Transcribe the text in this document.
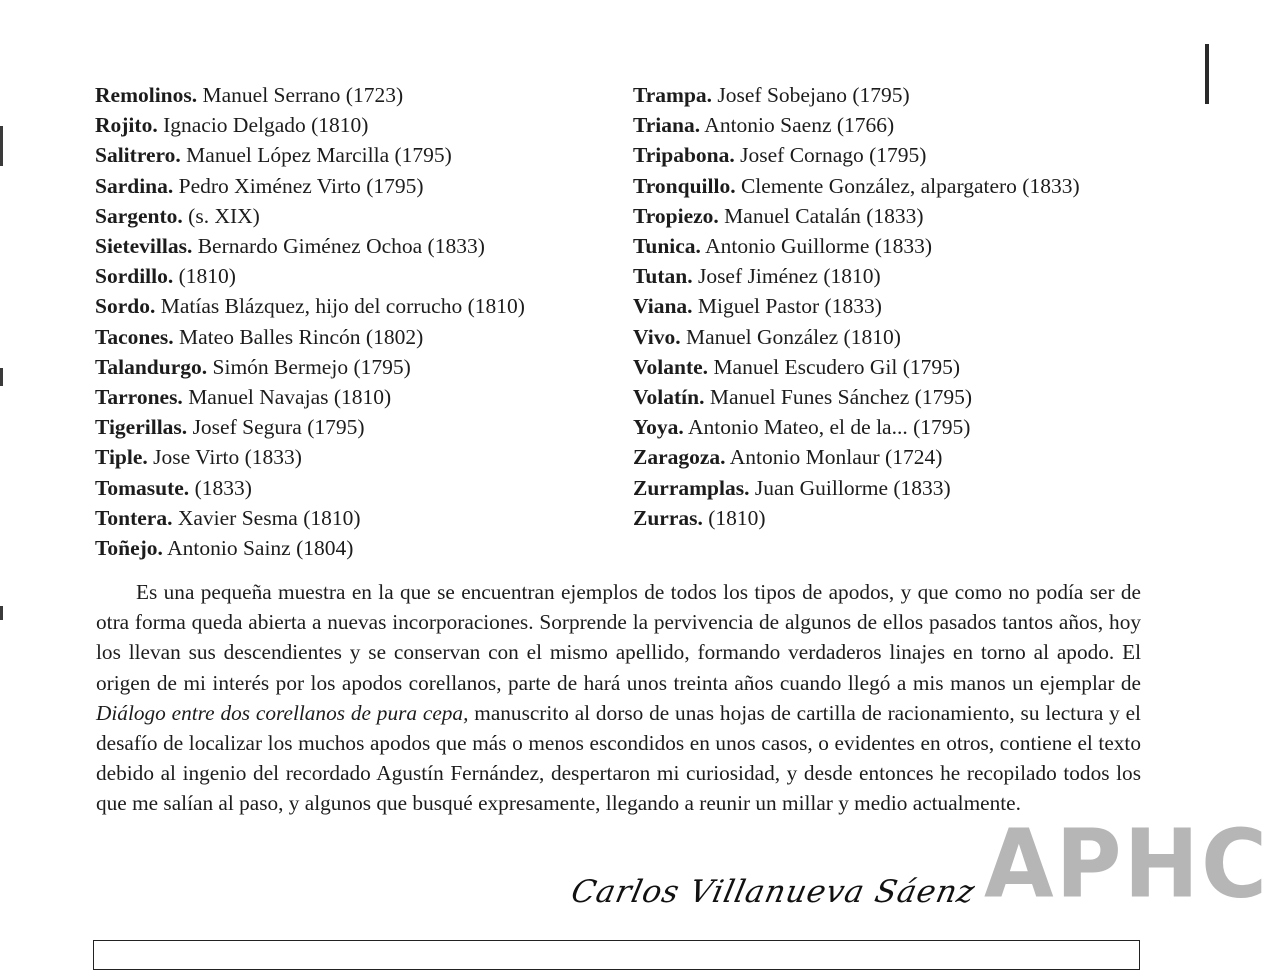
Remolinos. Manuel Serrano (1723)
Rojito. Ignacio Delgado (1810)
Salitrero. Manuel López Marcilla (1795)
Sardina. Pedro Ximénez Virto (1795)
Sargento. (s. XIX)
Sietevillas. Bernardo Giménez Ochoa (1833)
Sordillo. (1810)
Sordo. Matías Blázquez, hijo del corrucho (1810)
Tacones. Mateo Balles Rincón (1802)
Talandurgo. Simón Bermejo (1795)
Tarrones. Manuel Navajas (1810)
Tigerillas. Josef Segura (1795)
Tiple. Jose Virto (1833)
Tomasute. (1833)
Tontera. Xavier Sesma (1810)
Toñejo. Antonio Sainz (1804)
Trampa. Josef Sobejano (1795)
Triana. Antonio Saenz (1766)
Tripabona. Josef Cornago (1795)
Tronquillo. Clemente González, alpargatero (1833)
Tropiezo. Manuel Catalán (1833)
Tunica. Antonio Guillorme (1833)
Tutan. Josef Jiménez (1810)
Viana. Miguel Pastor (1833)
Vivo. Manuel González (1810)
Volante. Manuel Escudero Gil (1795)
Volatín. Manuel Funes Sánchez (1795)
Yoya. Antonio Mateo, el de la... (1795)
Zaragoza. Antonio Monlaur (1724)
Zurramplas. Juan Guillorme (1833)
Zurras. (1810)

Es una pequeña muestra en la que se encuentran ejemplos de todos los tipos de apodos, y que como no podía ser de otra forma queda abierta a nuevas incorporaciones. Sorprende la pervivencia de algunos de ellos pasados tantos años, hoy los llevan sus descendientes y se conservan con el mismo apellido, formando verdaderos linajes en torno al apodo. El origen de mi interés por los apodos corellanos, parte de hará unos treinta años cuando llegó a mis manos un ejemplar de Diálogo entre dos corellanos de pura cepa, manuscrito al dorso de unas hojas de cartilla de racionamiento, su lectura y el desafío de localizar los muchos apodos que más o menos escondidos en unos casos, o evidentes en otros, contiene el texto debido al ingenio del recordado Agustín Fernández, despertaron mi curiosidad, y desde entonces he recopilado todos los que me salían al paso, y algunos que busqué expresamente, llegando a reunir un millar y medio actualmente.

Carlos Villanueva Sáenz APHC
